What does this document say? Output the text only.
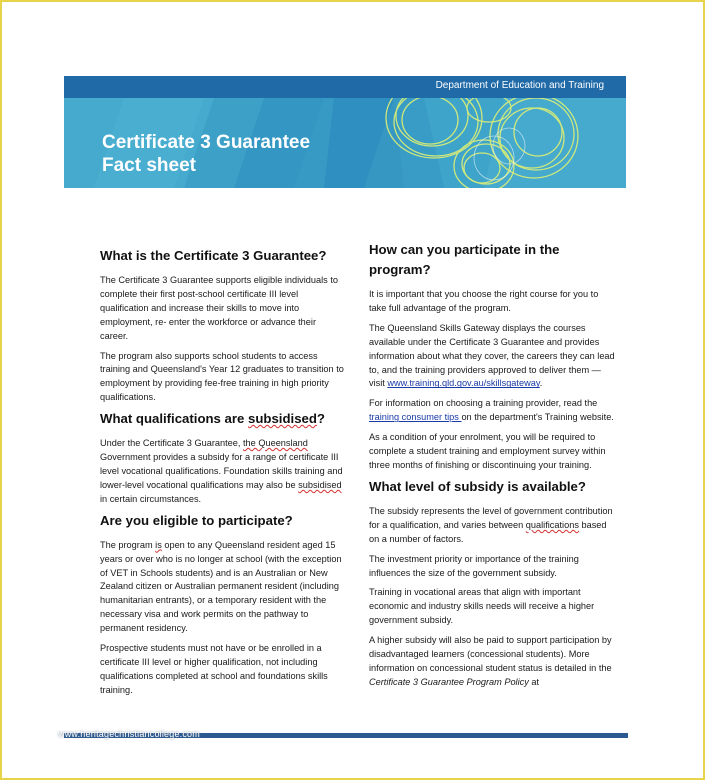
Department of Education and Training
Certificate 3 Guarantee
Fact sheet
What is the Certificate 3 Guarantee?

The Certificate 3 Guarantee supports eligible individuals to complete their first post-school certificate III level qualification and increase their skills to move into employment, re- enter the workforce or advance their career.

The program also supports school students to access training and Queensland's Year 12 graduates to transition to employment by providing fee-free training in high priority qualifications.

What qualifications are subsidised?

Under the Certificate 3 Guarantee, the Queensland Government provides a subsidy for a range of certificate III level vocational qualifications. Foundation skills training and lower-level vocational qualifications may also be subsidised in certain circumstances.

Are you eligible to participate?

The program is open to any Queensland resident aged 15 years or over who is no longer at school (with the exception of VET in Schools students) and is an Australian or New Zealand citizen or Australian permanent resident (including humanitarian entrants), or a temporary resident with the necessary visa and work permits on the pathway to permanent residency.

Prospective students must not have or be enrolled in a certificate III level or higher qualification, not including qualifications completed at school and foundations skills training.

How can you participate in the program?

It is important that you choose the right course for you to take full advantage of the program.

The Queensland Skills Gateway displays the courses available under the Certificate 3 Guarantee and provides information about what they cover, the careers they can lead to, and the training providers approved to deliver them — visit www.training.qld.gov.au/skillsgateway.

For information on choosing a training provider, read the training consumer tips on the department's Training website.

As a condition of your enrolment, you will be required to complete a student training and employment survey within three months of finishing or discontinuing your training.

What level of subsidy is available?

The subsidy represents the level of government contribution for a qualification, and varies between qualifications based on a number of factors.

The investment priority or importance of the training influences the size of the government subsidy.

Training in vocational areas that align with important economic and industry skills needs will receive a higher government subsidy.

A higher subsidy will also be paid to support participation by disadvantaged learners (concessional students). More information on concessional student status is detailed in the Certificate 3 Guarantee Program Policy at

www.heritagechristiancollege.com
